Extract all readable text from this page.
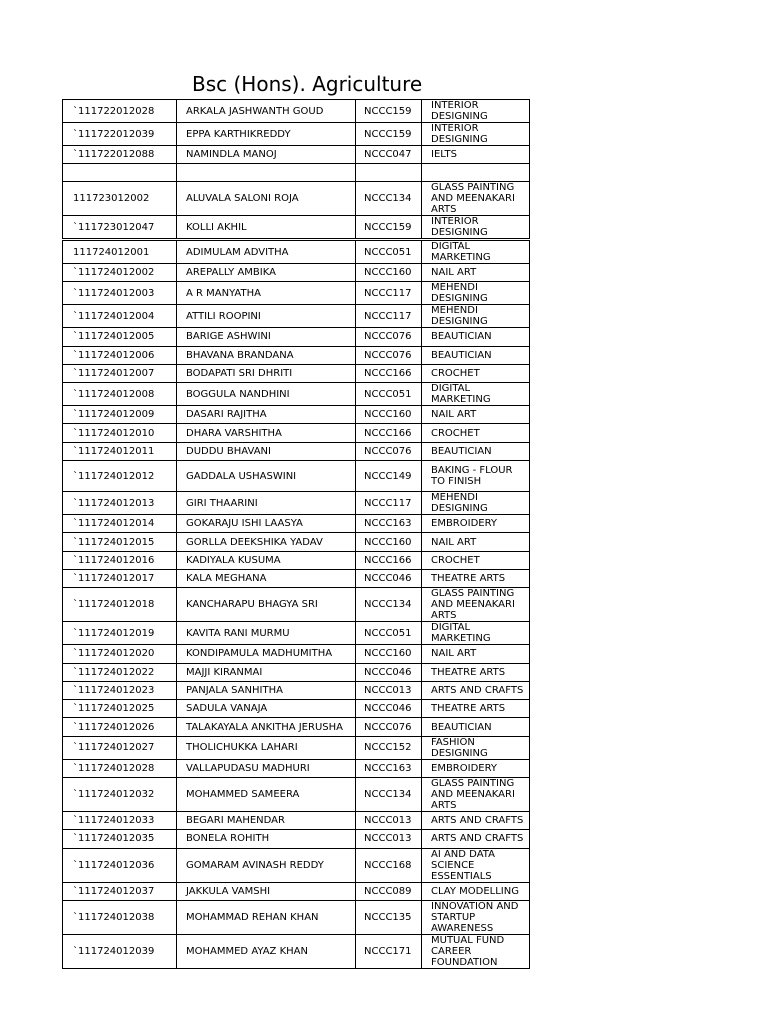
Bsc (Hons). Agriculture
`111722012028	ARKALA JASHWANTH GOUD	NCCC159	INTERIOR DESIGNING
`111722012039	EPPA KARTHIKREDDY	NCCC159	INTERIOR DESIGNING
`111722012088	NAMINDLA MANOJ	NCCC047	IELTS

111723012002	ALUVALA SALONI ROJA	NCCC134	GLASS PAINTING AND MEENAKARI ARTS
`111723012047	KOLLI AKHIL	NCCC159	INTERIOR DESIGNING
111724012001	ADIMULAM ADVITHA	NCCC051	DIGITAL MARKETING
`111724012002	AREPALLY AMBIKA	NCCC160	NAIL ART
`111724012003	A R MANYATHA	NCCC117	MEHENDI DESIGNING
`111724012004	ATTILI ROOPINI	NCCC117	MEHENDI DESIGNING
`111724012005	BARIGE ASHWINI	NCCC076	BEAUTICIAN
`111724012006	BHAVANA BRANDANA	NCCC076	BEAUTICIAN
`111724012007	BODAPATI SRI DHRITI	NCCC166	CROCHET
`111724012008	BOGGULA NANDHINI	NCCC051	DIGITAL MARKETING
`111724012009	DASARI RAJITHA	NCCC160	NAIL ART
`111724012010	DHARA VARSHITHA	NCCC166	CROCHET
`111724012011	DUDDU BHAVANI	NCCC076	BEAUTICIAN
`111724012012	GADDALA USHASWINI	NCCC149	BAKING - FLOUR TO FINISH
`111724012013	GIRI THAARINI	NCCC117	MEHENDI DESIGNING
`111724012014	GOKARAJU ISHI LAASYA	NCCC163	EMBROIDERY
`111724012015	GORLLA DEEKSHIKA YADAV	NCCC160	NAIL ART
`111724012016	KADIYALA KUSUMA	NCCC166	CROCHET
`111724012017	KALA MEGHANA	NCCC046	THEATRE ARTS
`111724012018	KANCHARAPU BHAGYA SRI	NCCC134	GLASS PAINTING AND MEENAKARI ARTS
`111724012019	KAVITA RANI MURMU	NCCC051	DIGITAL MARKETING
`111724012020	KONDIPAMULA MADHUMITHA	NCCC160	NAIL ART
`111724012022	MAJJI KIRANMAI	NCCC046	THEATRE ARTS
`111724012023	PANJALA SANHITHA	NCCC013	ARTS AND CRAFTS
`111724012025	SADULA VANAJA	NCCC046	THEATRE ARTS
`111724012026	TALAKAYALA ANKITHA JERUSHA	NCCC076	BEAUTICIAN
`111724012027	THOLICHUKKA LAHARI	NCCC152	FASHION DESIGNING
`111724012028	VALLAPUDASU MADHURI	NCCC163	EMBROIDERY
`111724012032	MOHAMMED SAMEERA	NCCC134	GLASS PAINTING AND MEENAKARI ARTS
`111724012033	BEGARI MAHENDAR	NCCC013	ARTS AND CRAFTS
`111724012035	BONELA ROHITH	NCCC013	ARTS AND CRAFTS
`111724012036	GOMARAM AVINASH REDDY	NCCC168	AI AND DATA SCIENCE ESSENTIALS
`111724012037	JAKKULA VAMSHI	NCCC089	CLAY MODELLING
`111724012038	MOHAMMAD REHAN KHAN	NCCC135	INNOVATION AND STARTUP AWARENESS
`111724012039	MOHAMMED AYAZ KHAN	NCCC171	MUTUAL FUND CAREER FOUNDATION
